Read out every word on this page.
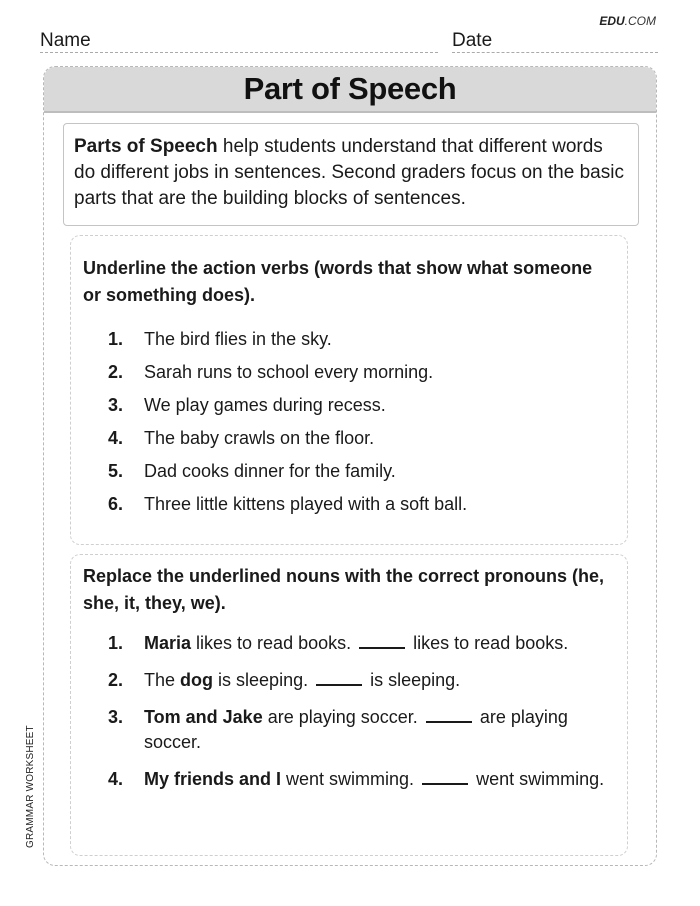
EDU.COM
Name	Date
GRAMMAR WORKSHEET
Part of Speech
Parts of Speech help students understand that different words do different jobs in sentences. Second graders focus on the basic parts that are the building blocks of sentences.
Underline the action verbs (words that show what someone or something does).
1.	The bird flies in the sky.
2.	Sarah runs to school every morning.
3.	We play games during recess.
4.	The baby crawls on the floor.
5.	Dad cooks dinner for the family.
6.	Three little kittens played with a soft ball.
Replace the underlined nouns with the correct pronouns (he, she, it, they, we).
1.	Maria likes to read books.	likes to read books.
2.	The dog is sleeping.	is sleeping.
3.	Tom and Jake are playing soccer.	are playing soccer.
4.	My friends and I went swimming.	went swimming.
